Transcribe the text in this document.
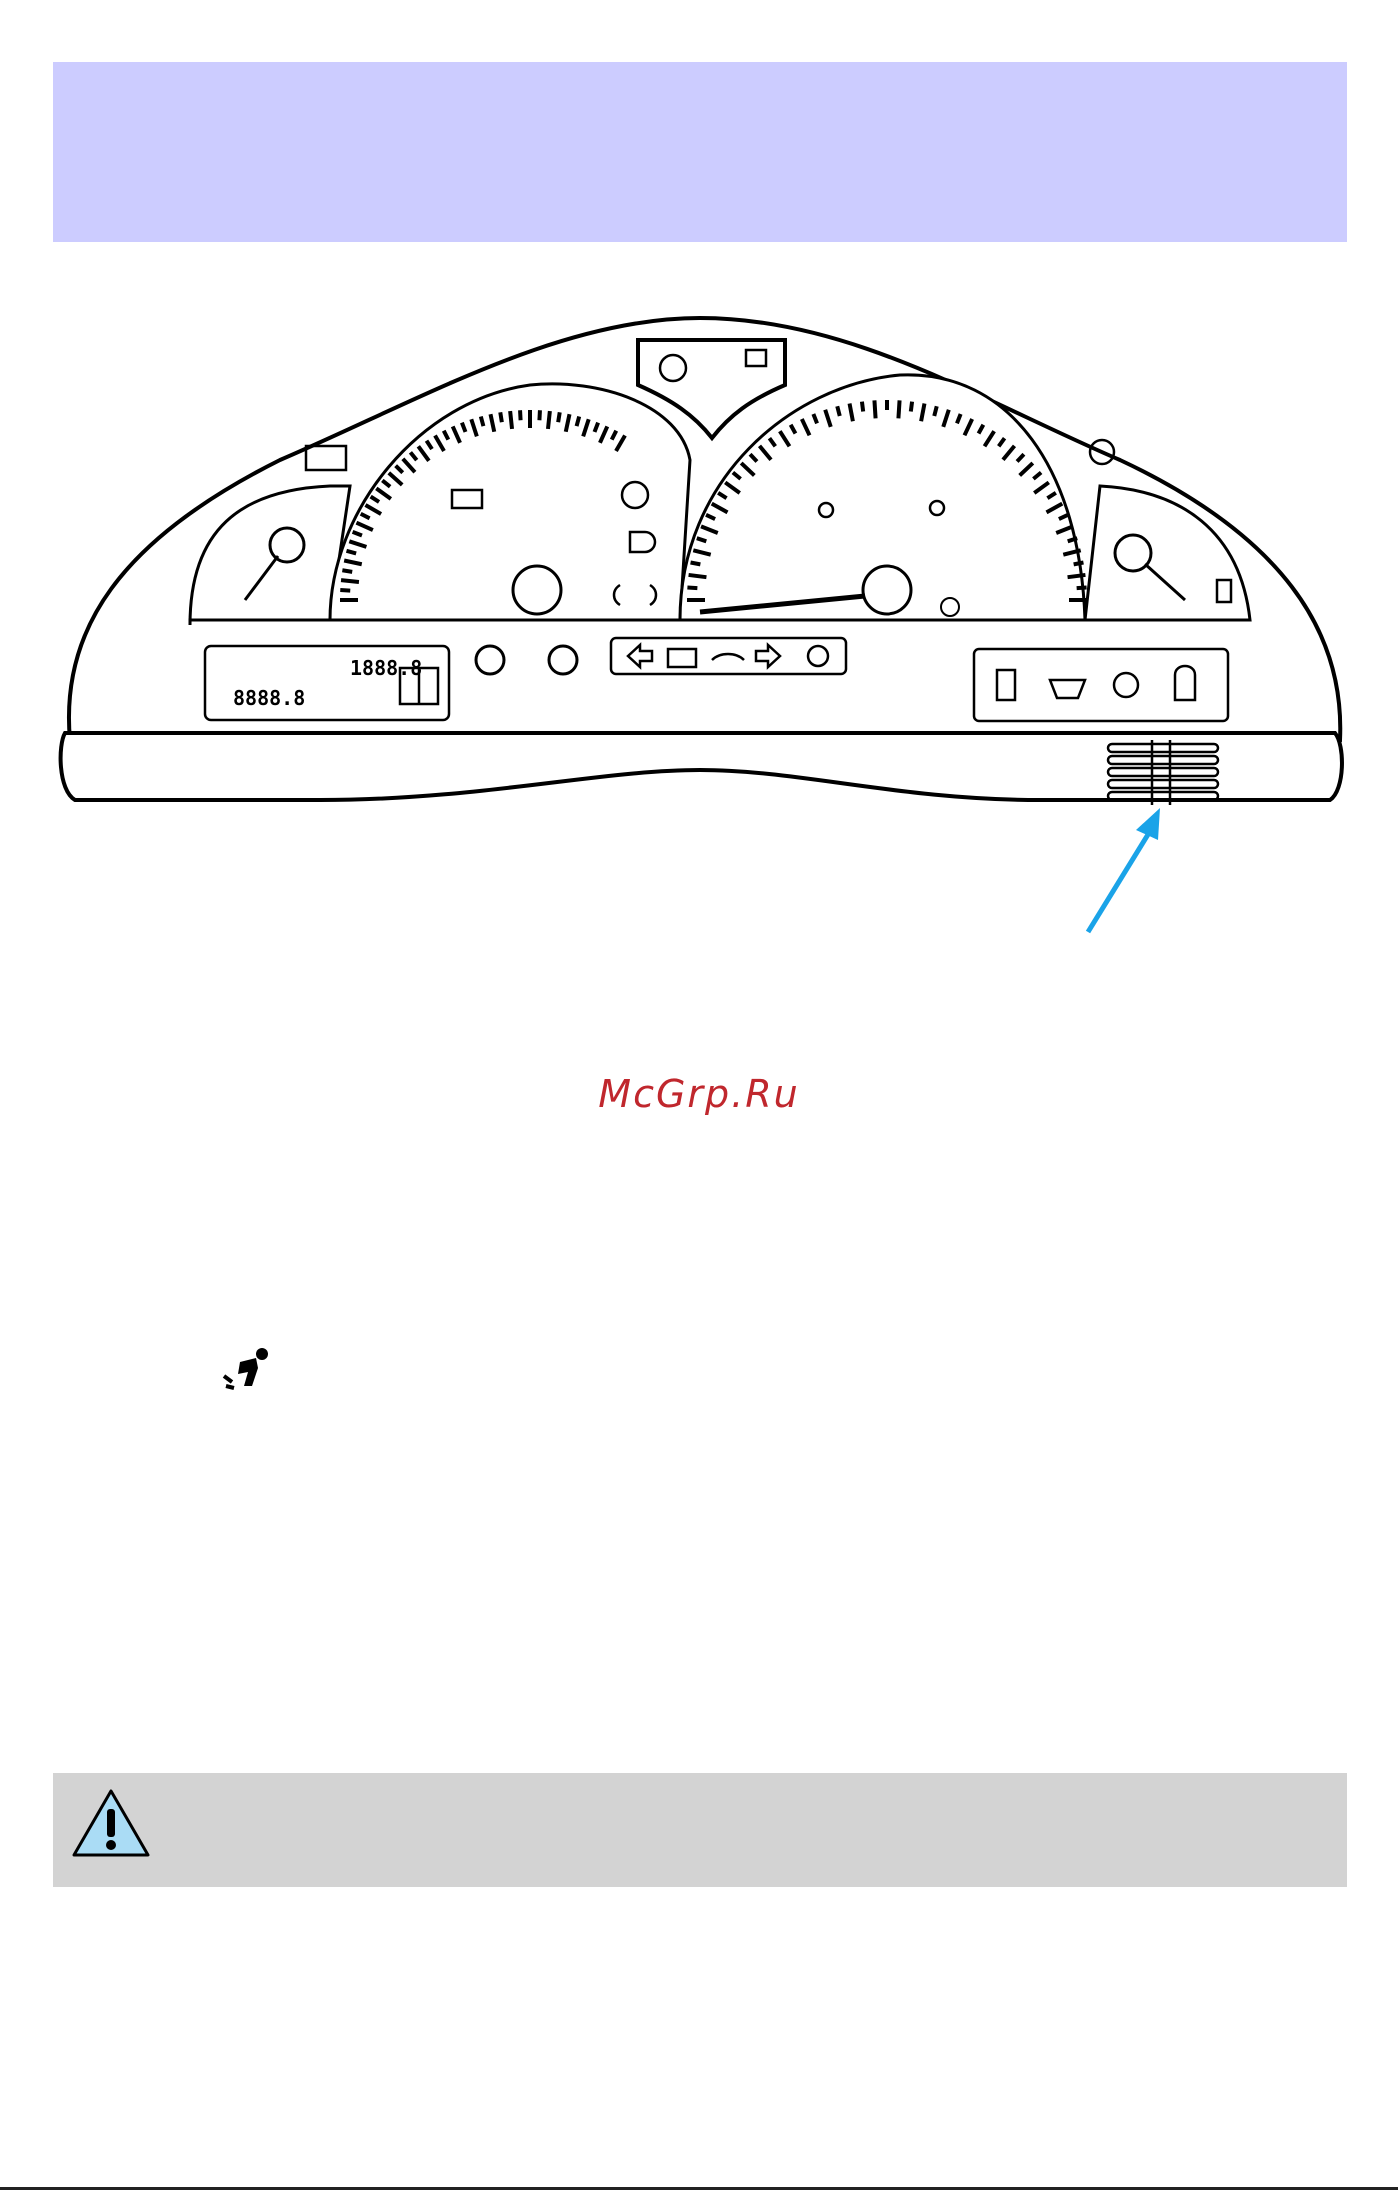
1888.8
8888.8
McGrp.Ru
